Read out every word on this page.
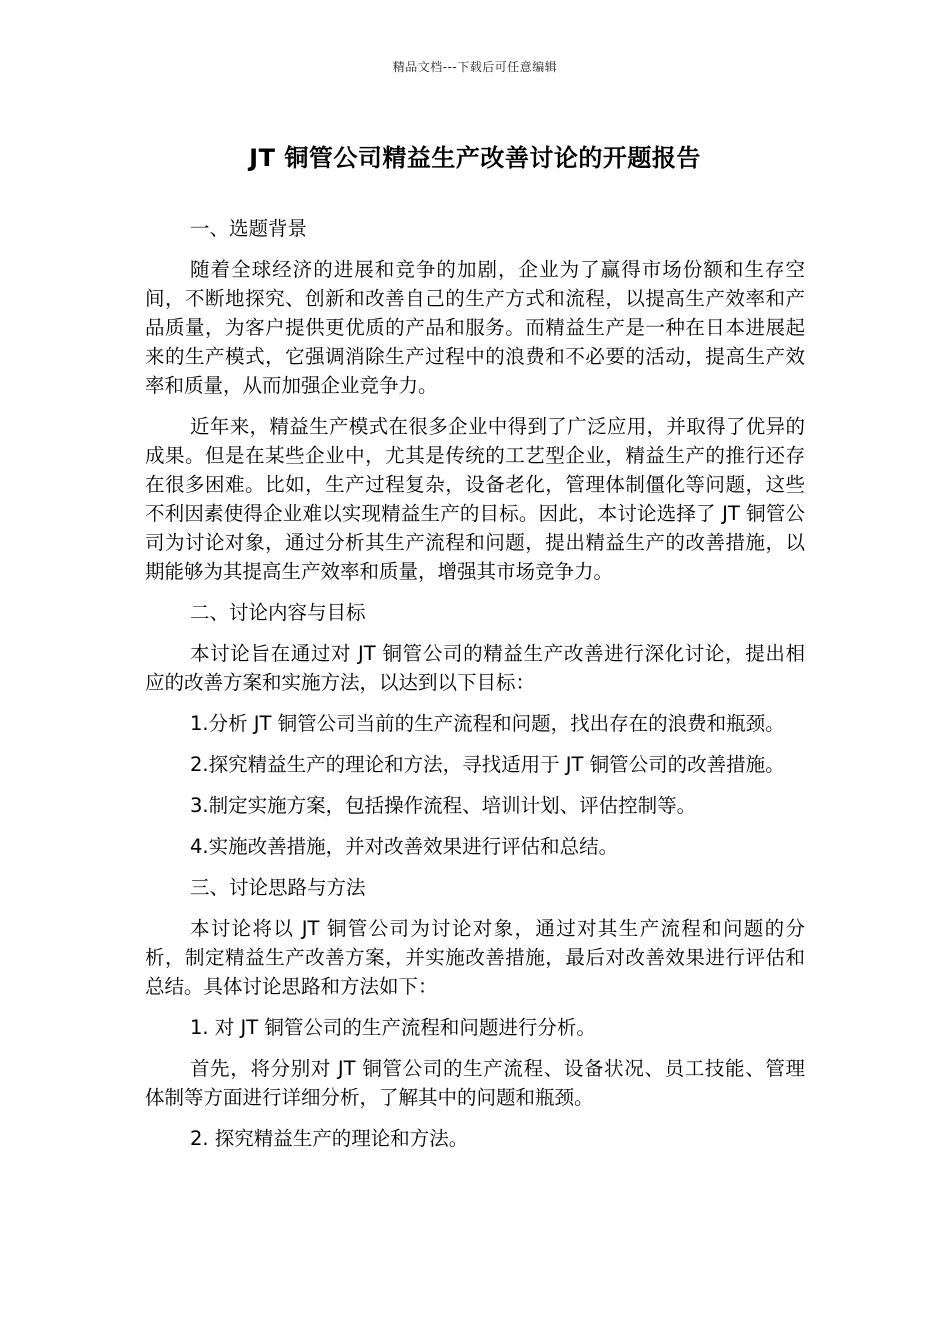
精品文档---下载后可任意编辑
JT 铜管公司精益生产改善讨论的开题报告

一、选题背景

随着全球经济的进展和竞争的加剧，企业为了赢得市场份额和生存空间，不断地探究、创新和改善自己的生产方式和流程，以提高生产效率和产品质量，为客户提供更优质的产品和服务。而精益生产是一种在日本进展起来的生产模式，它强调消除生产过程中的浪费和不必要的活动，提高生产效率和质量，从而加强企业竞争力。

近年来，精益生产模式在很多企业中得到了广泛应用，并取得了优异的成果。但是在某些企业中，尤其是传统的工艺型企业，精益生产的推行还存在很多困难。比如，生产过程复杂，设备老化，管理体制僵化等问题，这些不利因素使得企业难以实现精益生产的目标。因此，本讨论选择了 JT 铜管公司为讨论对象，通过分析其生产流程和问题，提出精益生产的改善措施，以期能够为其提高生产效率和质量，增强其市场竞争力。

二、讨论内容与目标

本讨论旨在通过对 JT 铜管公司的精益生产改善进行深化讨论，提出相应的改善方案和实施方法，以达到以下目标：

1.分析 JT 铜管公司当前的生产流程和问题，找出存在的浪费和瓶颈。

2.探究精益生产的理论和方法，寻找适用于 JT 铜管公司的改善措施。

3.制定实施方案，包括操作流程、培训计划、评估控制等。

4.实施改善措施，并对改善效果进行评估和总结。

三、讨论思路与方法

本讨论将以 JT 铜管公司为讨论对象，通过对其生产流程和问题的分析，制定精益生产改善方案，并实施改善措施，最后对改善效果进行评估和总结。具体讨论思路和方法如下：

1. 对 JT 铜管公司的生产流程和问题进行分析。

首先，将分别对 JT 铜管公司的生产流程、设备状况、员工技能、管理体制等方面进行详细分析，了解其中的问题和瓶颈。

2. 探究精益生产的理论和方法。
